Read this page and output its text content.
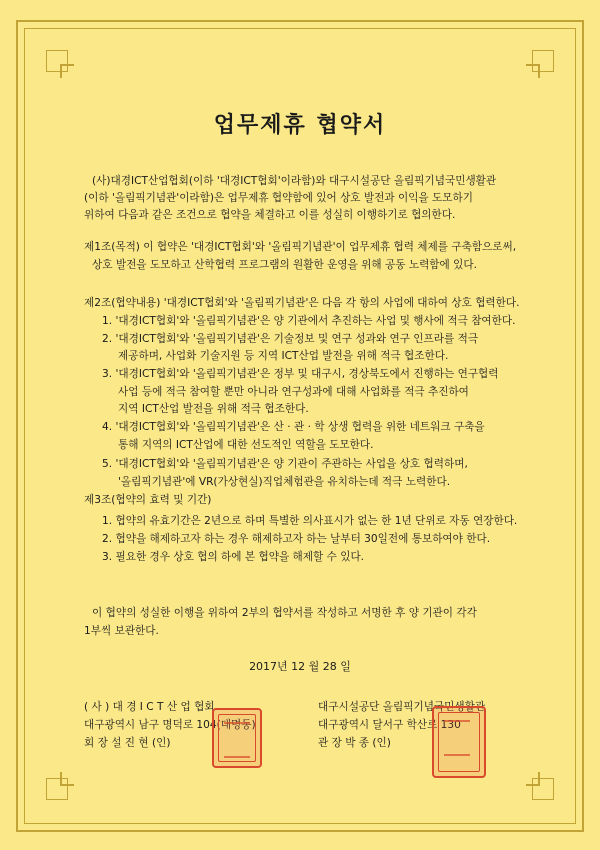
업무제휴 협약서
(사)대경ICT산업협회(이하 '대경ICT협회'이라함)와 대구시설공단 올림픽기념국민생활관
(이하 '올림픽기념관'이라함)은 업무제휴 협약함에 있어 상호 발전과 이익을 도모하기
위하여 다음과 같은 조건으로 협약을 체결하고 이를 성실히 이행하기로 협의한다.
제1조(목적) 이 협약은 '대경ICT협회'와 '올림픽기념관'이 업무제휴 협력 체제를 구축함으로써,
상호 발전을 도모하고 산학협력 프로그램의 원활한 운영을 위해 공동 노력함에 있다.
제2조(협약내용) '대경ICT협회'와 '올림픽기념관'은 다음 각 항의 사업에 대하여 상호 협력한다.
1. '대경ICT협회'와 '올림픽기념관'은 양 기관에서 추진하는 사업 및 행사에 적극 참여한다.
2. '대경ICT협회'와 '올림픽기념관'은 기술정보 및 연구 성과와 연구 인프라를 적극
제공하며, 사업화 기술지원 등 지역 ICT산업 발전을 위해 적극 협조한다.
3. '대경ICT협회'와 '올림픽기념관'은 정부 및 대구시, 경상북도에서 진행하는 연구협력
사업 등에 적극 참여할 뿐만 아니라 연구성과에 대해 사업화를 적극 추진하여
지역 ICT산업 발전을 위해 적극 협조한다.
4. '대경ICT협회'와 '올림픽기념관'은 산 · 관 · 학 상생 협력을 위한 네트워크 구축을
통해 지역의 ICT산업에 대한 선도적인 역할을 도모한다.
5. '대경ICT협회'와 '올림픽기념관'은 양 기관이 주관하는 사업을 상호 협력하며,
'올림픽기념관'에 VR(가상현실)직업체험관을 유치하는데 적극 노력한다.
제3조(협약의 효력 및 기간)
1. 협약의 유효기간은 2년으로 하며 특별한 의사표시가 없는 한 1년 단위로 자동 연장한다.
2. 협약을 해제하고자 하는 경우 해제하고자 하는 날부터 30일전에 통보하여야 한다.
3. 필요한 경우 상호 협의 하에 본 협약을 해제할 수 있다.
이 협약의 성실한 이행을 위하여 2부의 협약서를 작성하고 서명한 후 양 기관이 각각
1부씩 보관한다.
2017년 12 월 28 일
( 사 ) 대 경 I C T 산 업 협회
대구광역시 남구 명덕로 104(대명동)
회 장 설 진 현 (인)
대구시설공단 올림픽기념국민생활관
대구광역시 달서구 학산로 130
관 장 박 종 (인)
